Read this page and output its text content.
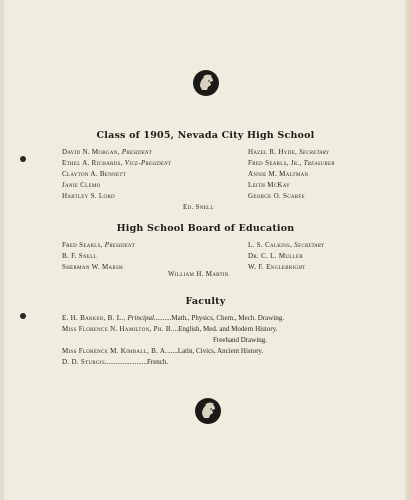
Class of 1905, Nevada City High School
David N. Morgan, President
Ethel A. Richards, Vice-President
Clayton A. Bennett
Janie Clemo
Hartley S. Lord
Hazel R. Hyde, Secretary
Fred Searls, Jr., Treasurer
Annie M. Maltman
Leith McKay
George O. Scarfe
Ed. Snell
High School Board of Education
Fred Searls, President
B. F. Snell
Sherman W. Marsh
L. S. Calkins, Secretary
Dr. C. L. Muller
W. F. Englebright
William H. Martin
Faculty
E. H. Barker, B. L., Principal..........Math., Physics, Chem., Mech. Drawing.
Miss Florence N. Hamilton, Ph. B....English, Med. and Modern History.
Freehand Drawing.
Miss Florence M. Kimball, B. A.......Latin, Civics, Ancient History.
D. D. Sturgis........................French.
